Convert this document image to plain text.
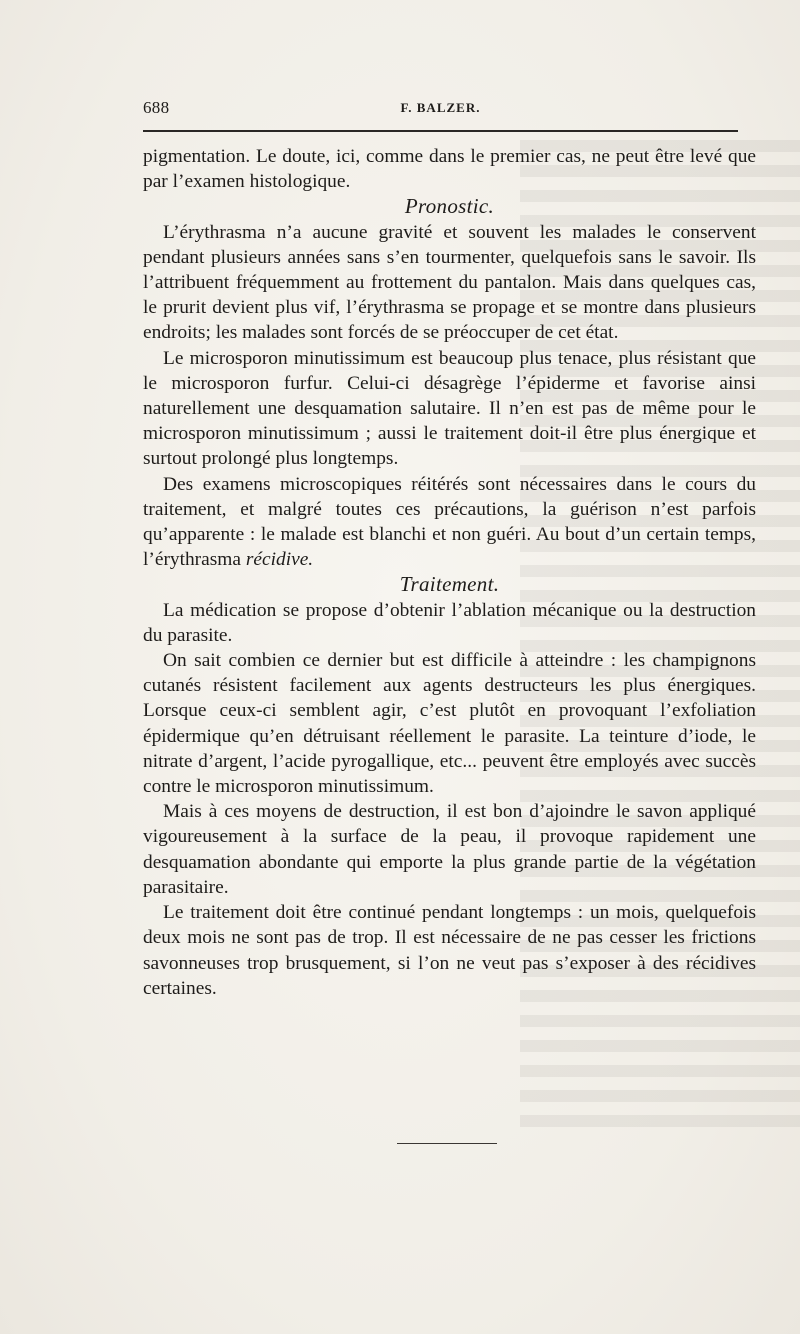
688	F. BALZER.

pigmentation. Le doute, ici, comme dans le premier cas, ne peut être levé que par l’examen histologique.

Pronostic.

L’érythrasma n’a aucune gravité et souvent les malades le conservent pendant plusieurs années sans s’en tourmenter, quelquefois sans le savoir. Ils l’attribuent fréquemment au frottement du pantalon. Mais dans quelques cas, le prurit devient plus vif, l’érythrasma se propage et se montre dans plusieurs endroits; les malades sont forcés de se préoccuper de cet état.

Le microsporon minutissimum est beaucoup plus tenace, plus résistant que le microsporon furfur. Celui-ci désagrège l’épiderme et favorise ainsi naturellement une desquamation salutaire. Il n’en est pas de même pour le microsporon minutissimum ; aussi le traitement doit-il être plus énergique et surtout prolongé plus longtemps.

Des examens microscopiques réitérés sont nécessaires dans le cours du traitement, et malgré toutes ces précautions, la guérison n’est parfois qu’apparente : le malade est blanchi et non guéri. Au bout d’un certain temps, l’érythrasma récidive.

Traitement.

La médication se propose d’obtenir l’ablation mécanique ou la destruction du parasite.

On sait combien ce dernier but est difficile à atteindre : les champignons cutanés résistent facilement aux agents destructeurs les plus énergiques. Lorsque ceux-ci semblent agir, c’est plutôt en provoquant l’exfoliation épidermique qu’en détruisant réellement le parasite. La teinture d’iode, le nitrate d’argent, l’acide pyrogallique, etc... peuvent être employés avec succès contre le microsporon minutissimum.

Mais à ces moyens de destruction, il est bon d’ajoindre le savon appliqué vigoureusement à la surface de la peau, il provoque rapidement une desquamation abondante qui emporte la plus grande partie de la végétation parasitaire.

Le traitement doit être continué pendant longtemps : un mois, quelquefois deux mois ne sont pas de trop. Il est nécessaire de ne pas cesser les frictions savonneuses trop brusquement, si l’on ne veut pas s’exposer à des récidives certaines.
